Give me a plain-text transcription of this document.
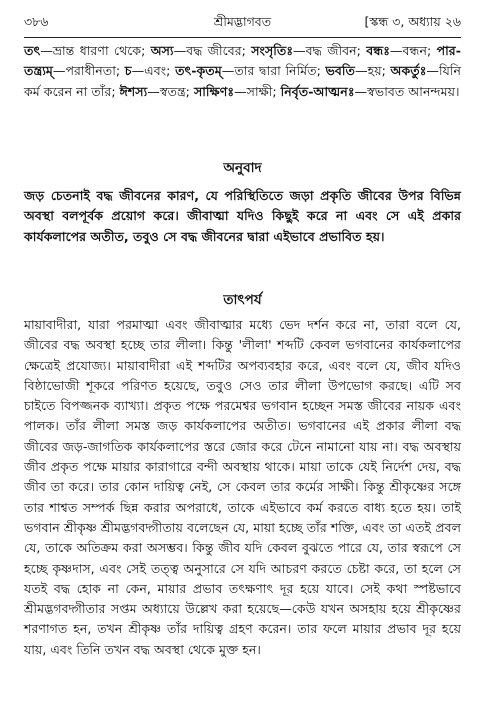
৩৮৬	শ্রীমদ্ভাগবত	[স্কন্ধ ৩, অধ্যায় ২৬

তৎ—ভ্রান্ত ধারণা থেকে; অস্য—বদ্ধ জীবের; সংসৃতিঃ—বদ্ধ জীবন; বন্ধঃ—বন্ধন; পার-তন্ত্র্যম্—পরাধীনতা; চ—এবং; তৎ-কৃতম্—তার দ্বারা নির্মিত; ভবতি—হয়; অকর্তুঃ—যিনি কর্ম করেন না তাঁর; ঈশস্য—স্বতন্ত্র; সাক্ষিণঃ—সাক্ষী; নির্বৃত-আত্মনঃ—স্বভাবত আনন্দময়।

অনুবাদ

জড় চেতনাই বদ্ধ জীবনের কারণ, যে পরিস্থিতিতে জড়া প্রকৃতি জীবের উপর বিভিন্ন অবস্থা বলপূর্বক প্রয়োগ করে। জীবাত্মা যদিও কিছুই করে না এবং সে এই প্রকার কার্যকলাপের অতীত, তবুও সে বদ্ধ জীবনের দ্বারা এইভাবে প্রভাবিত হয়।

তাৎপর্য

মায়াবাদীরা, যারা পরমাত্মা এবং জীবাত্মার মধ্যে ভেদ দর্শন করে না, তারা বলে যে, জীবের বদ্ধ অবস্থা হচ্ছে তার লীলা। কিন্তু 'লীলা' শব্দটি কেবল ভগবানের কার্যকলাপের ক্ষেত্রেই প্রযোজ্য। মায়াবাদীরা এই শব্দটির অপব্যবহার করে, এবং বলে যে, জীব যদিও বিষ্ঠাভোজী শূকরে পরিণত হয়েছে, তবুও সেও তার লীলা উপভোগ করছে। এটি সব চাইতে বিপজ্জনক ব্যাখ্যা। প্রকৃত পক্ষে পরমেশ্বর ভগবান হচ্ছেন সমস্ত জীবের নায়ক এবং পালক। তাঁর লীলা সমস্ত জড় কার্যকলাপের অতীত। ভগবানের এই প্রকার লীলা বদ্ধ জীবের জড়-জাগতিক কার্যকলাপের স্তরে জোর করে টেনে নামানো যায় না। বদ্ধ অবস্থায় জীব প্রকৃত পক্ষে মায়ার কারাগারে বন্দী অবস্থায় থাকে। মায়া তাকে যেই নির্দেশ দেয়, বদ্ধ জীব তা করে। তার কোন দায়িত্ব নেই, সে কেবল তার কর্মের সাক্ষী। কিন্তু শ্রীকৃষ্ণের সঙ্গে তার শাশ্বত সম্পর্ক ছিন্ন করার অপরাধে, তাকে এইভাবে কর্ম করতে বাধ্য হতে হয়। তাই ভগবান শ্রীকৃষ্ণ শ্রীমদ্ভগবদ্গীতায় বলেছেন যে, মায়া হচ্ছে তাঁর শক্তি, এবং তা এতই প্রবল যে, তাকে অতিক্রম করা অসম্ভব। কিন্তু জীব যদি কেবল বুঝতে পারে যে, তার স্বরূপে সে হচ্ছে কৃষ্ণদাস, এবং সেই তত্ত্ব অনুসারে সে যদি আচরণ করতে চেষ্টা করে, তা হলে সে যতই বদ্ধ হোক না কেন, মায়ার প্রভাব তৎক্ষণাৎ দূর হয়ে যাবে। সেই কথা স্পষ্টভাবে শ্রীমদ্ভগবদ্গীতার সপ্তম অধ্যায়ে উল্লেখ করা হয়েছে—কেউ যখন অসহায় হয়ে শ্রীকৃষ্ণের শরণাগত হন, তখন শ্রীকৃষ্ণ তাঁর দায়িত্ব গ্রহণ করেন। তার ফলে মায়ার প্রভাব দূর হয়ে যায়, এবং তিনি তখন বদ্ধ অবস্থা থেকে মুক্ত হন।
